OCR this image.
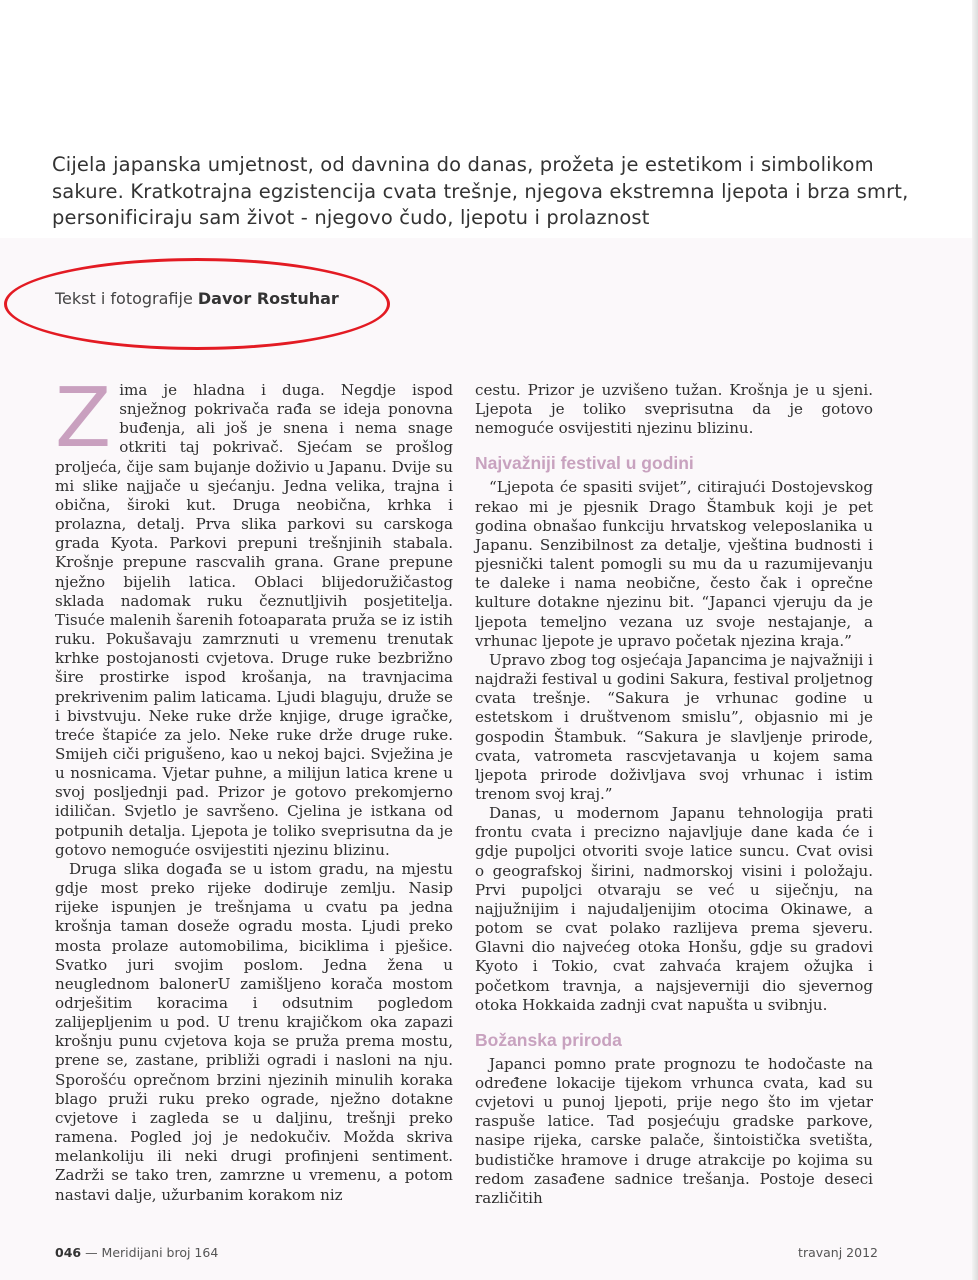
Cijela japanska umjetnost, od davnina do danas, prožeta je estetikom i simbolikom
sakure. Kratkotrajna egzistencija cvata trešnje, njegova ekstremna ljepota i brza smrt,
personificiraju sam život - njegovo čudo, ljepotu i prolaznost
Tekst i fotografije Davor Rostuhar

Zima je hladna i duga. Negdje ispod snježnog pokrivača rađa se ideja ponovna buđenja, ali još je snena i nema snage otkriti taj pokrivač. Sjećam se prošlog proljeća, čije sam bujanje doživio u Japanu. Dvije su mi slike najjače u sjećanju. Jedna velika, trajna i obična, široki kut. Druga neobična, krhka i prolazna, detalj. Prva slika parkovi su carskoga grada Kyota. Parkovi prepuni trešnjinih stabala. Krošnje prepune rascvalih grana. Grane prepune nježno bijelih latica. Oblaci blijedoružičastog sklada nadomak ruku čeznutljivih posjetitelja. Tisuće malenih šarenih fotoaparata pruža se iz istih ruku. Pokušavaju zamrznuti u vremenu trenutak krhke postojanosti cvjetova. Druge ruke bezbrižno šire prostirke ispod krošanja, na travnjacima prekrivenim palim laticama. Ljudi blaguju, druže se i bivstvuju. Neke ruke drže knjige, druge igračke, treće štapiće za jelo. Neke ruke drže druge ruke. Smijeh ciči prigušeno, kao u nekoj bajci. Svježina je u nosnicama. Vjetar puhne, a milijun latica krene u svoj posljednji pad. Prizor je gotovo prekomjerno idiličan. Svjetlo je savršeno. Cjelina je istkana od potpunih detalja. Ljepota je toliko sveprisutna da je gotovo nemoguće osvijestiti njezinu blizinu.

Druga slika događa se u istom gradu, na mjestu gdje most preko rijeke dodiruje zemlju. Nasip rijeke ispunjen je trešnjama u cvatu pa jedna krošnja taman doseže ogradu mosta. Ljudi preko mosta prolaze automobilima, biciklima i pješice. Svatko juri svojim poslom. Jedna žena u neuglednom balonerU zamišljeno korača mostom odrješitim koracima i odsutnim pogledom zalijepljenim u pod. U trenu krajičkom oka zapazi krošnju punu cvjetova koja se pruža prema mostu, prene se, zastane, približi ogradi i nasloni na nju. Sporošću oprečnom brzini njezinih minulih koraka blago pruži ruku preko ograde, nježno dotakne cvjetove i zagleda se u daljinu, trešnji preko ramena. Pogled joj je nedokučiv. Možda skriva melankoliju ili neki drugi profinjeni sentiment. Zadrži se tako tren, zamrzne u vremenu, a potom nastavi dalje, užurbanim korakom niz

cestu. Prizor je uzvišeno tužan. Krošnja je u sjeni. Ljepota je toliko sveprisutna da je gotovo nemoguće osvijestiti njezinu blizinu.

Najvažniji festival u godini

“Ljepota će spasiti svijet”, citirajući Dostojevskog rekao mi je pjesnik Drago Štambuk koji je pet godina obnašao funkciju hrvatskog veleposlanika u Japanu. Senzibilnost za detalje, vještina budnosti i pjesnički talent pomogli su mu da u razumijevanju te daleke i nama neobične, često čak i oprečne kulture dotakne njezinu bit. “Japanci vjeruju da je ljepota temeljno vezana uz svoje nestajanje, a vrhunac ljepote je upravo početak njezina kraja.”

Upravo zbog tog osjećaja Japancima je najvažniji i najdraži festival u godini Sakura, festival proljetnog cvata trešnje. “Sakura je vrhunac godine u estetskom i društvenom smislu”, objasnio mi je gospodin Štambuk. “Sakura je slavljenje prirode, cvata, vatrometa rascvjetavanja u kojem sama ljepota prirode doživljava svoj vrhunac i istim trenom svoj kraj.”

Danas, u modernom Japanu tehnologija prati frontu cvata i precizno najavljuje dane kada će i gdje pupoljci otvoriti svoje latice suncu. Cvat ovisi o geografskoj širini, nadmorskoj visini i položaju. Prvi pupoljci otvaraju se već u siječnju, na najjužnijim i najudaljenijim otocima Okinawe, a potom se cvat polako razlijeva prema sjeveru. Glavni dio najvećeg otoka Honšu, gdje su gradovi Kyoto i Tokio, cvat zahvaća krajem ožujka i početkom travnja, a najsjeverniji dio sjevernog otoka Hokkaida zadnji cvat napušta u svibnju.

Božanska priroda

Japanci pomno prate prognozu te hodočaste na određene lokacije tijekom vrhunca cvata, kad su cvjetovi u punoj ljepoti, prije nego što im vjetar raspuše latice. Tad posjećuju gradske parkove, nasipe rijeka, carske palače, šintoistička svetišta, budističke hramove i druge atrakcije po kojima su redom zasađene sadnice trešanja. Postoje deseci različitih

046 — Meridijani broj 164	travanj 2012
